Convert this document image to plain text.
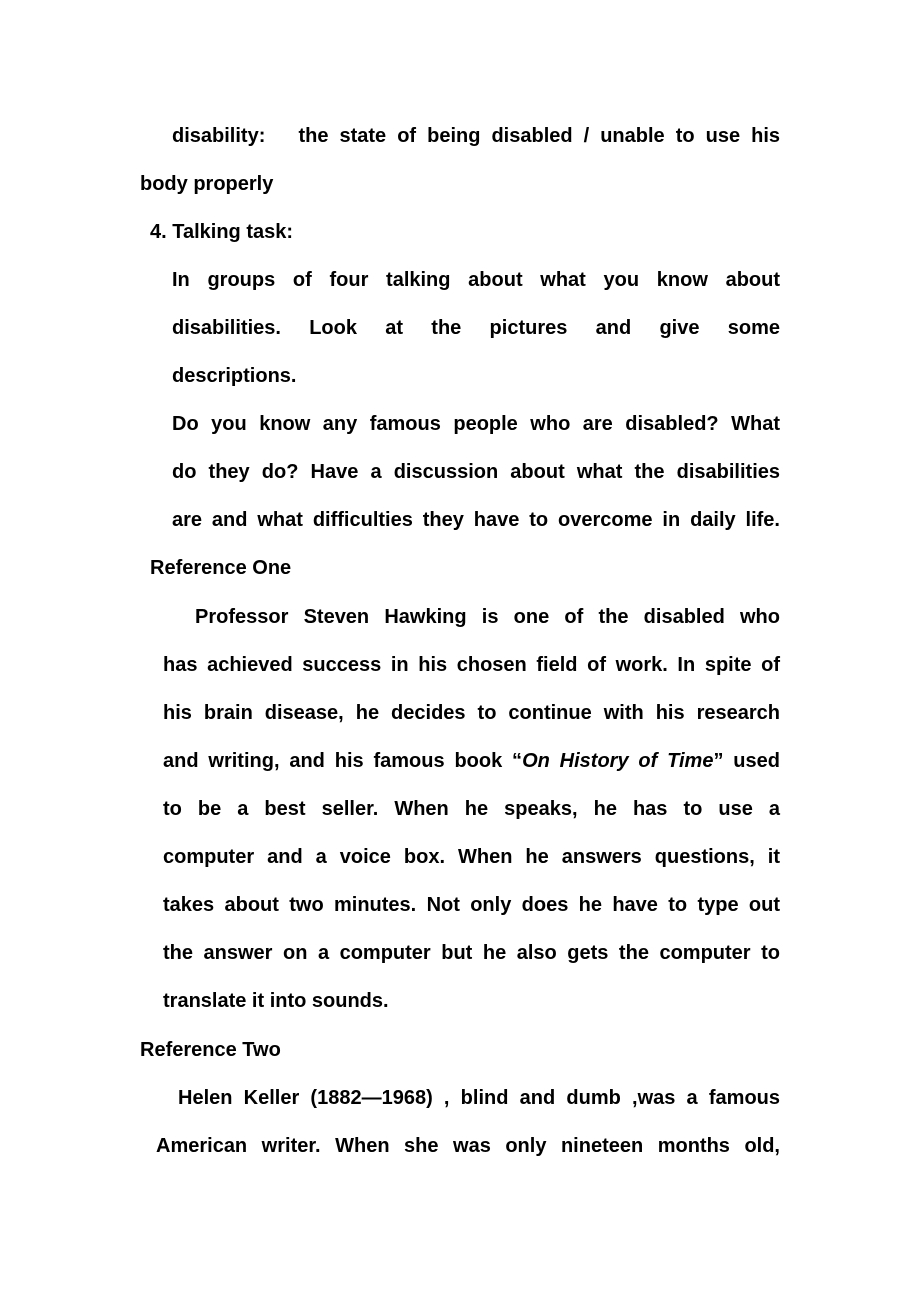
disability:   the state of being disabled / unable to use his
body properly
4. Talking task:
In groups of four talking about what you know about
disabilities. Look at the pictures and give some
descriptions.
Do you know any famous people who are disabled? What
do they do? Have a discussion about what the disabilities
are and what difficulties they have to overcome in daily life.
Reference One
Professor Steven Hawking is one of the disabled who
has achieved success in his chosen field of work. In spite of
his brain disease, he decides to continue with his research
and writing, and his famous book “On History of Time” used
to be a best seller. When he speaks, he has to use a
computer and a voice box. When he answers questions, it
takes about two minutes. Not only does he have to type out
the answer on a computer but he also gets the computer to
translate it into sounds.
Reference Two
Helen Keller (1882—1968) , blind and dumb ,was a famous
American writer. When she was only nineteen months old,
